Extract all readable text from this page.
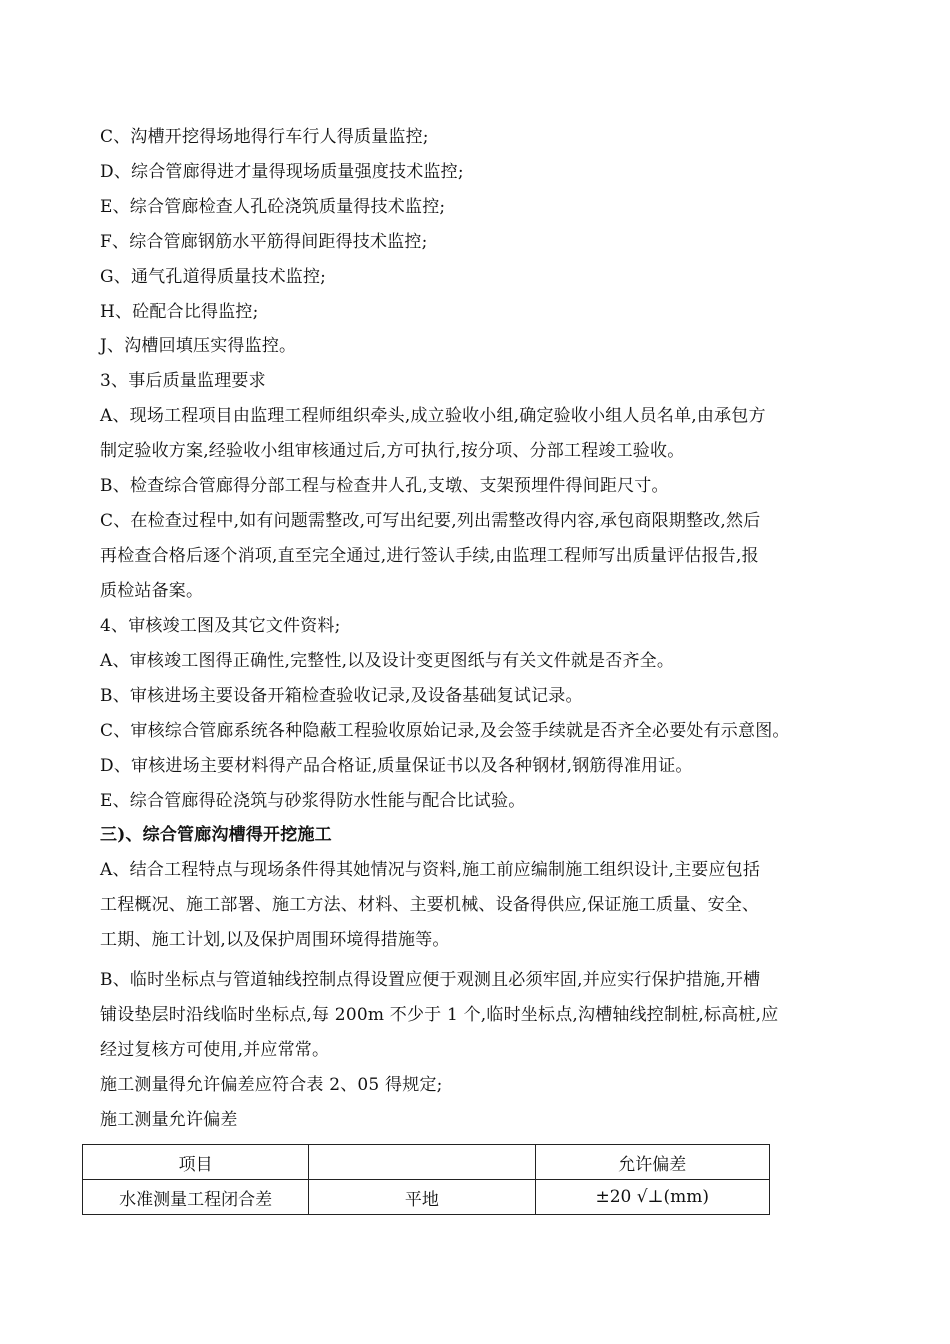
C、沟槽开挖得场地得行车行人得质量监控;
D、综合管廊得进才量得现场质量强度技术监控;
E、综合管廊检查人孔砼浇筑质量得技术监控;
F、综合管廊钢筋水平筋得间距得技术监控;
G、通气孔道得质量技术监控;
H、砼配合比得监控;
J、沟槽回填压实得监控。
3、事后质量监理要求
A、现场工程项目由监理工程师组织牵头,成立验收小组,确定验收小组人员名单,由承包方
制定验收方案,经验收小组审核通过后,方可执行,按分项、分部工程竣工验收。
B、检查综合管廊得分部工程与检查井人孔,支墩、支架预埋件得间距尺寸。
C、在检查过程中,如有问题需整改,可写出纪要,列出需整改得内容,承包商限期整改,然后
再检查合格后逐个消项,直至完全通过,进行签认手续,由监理工程师写出质量评估报告,报
质检站备案。
4、审核竣工图及其它文件资料;
A、审核竣工图得正确性,完整性,以及设计变更图纸与有关文件就是否齐全。
B、审核进场主要设备开箱检查验收记录,及设备基础复试记录。
C、审核综合管廊系统各种隐蔽工程验收原始记录,及会签手续就是否齐全必要处有示意图。
D、审核进场主要材料得产品合格证,质量保证书以及各种钢材,钢筋得准用证。
E、综合管廊得砼浇筑与砂浆得防水性能与配合比试验。
三)、综合管廊沟槽得开挖施工
A、结合工程特点与现场条件得其她情况与资料,施工前应编制施工组织设计,主要应包括
工程概况、施工部署、施工方法、材料、主要机械、设备得供应,保证施工质量、安全、
工期、施工计划,以及保护周围环境得措施等。
B、临时坐标点与管道轴线控制点得设置应便于观测且必须牢固,并应实行保护措施,开槽
铺设垫层时沿线临时坐标点,每 200m 不少于 1 个,临时坐标点,沟槽轴线控制桩,标高桩,应
经过复核方可使用,并应常常。
施工测量得允许偏差应符合表 2、05 得规定;
施工测量允许偏差
项目		允许偏差
水准测量工程闭合差	平地	±20 √⊥(mm)
